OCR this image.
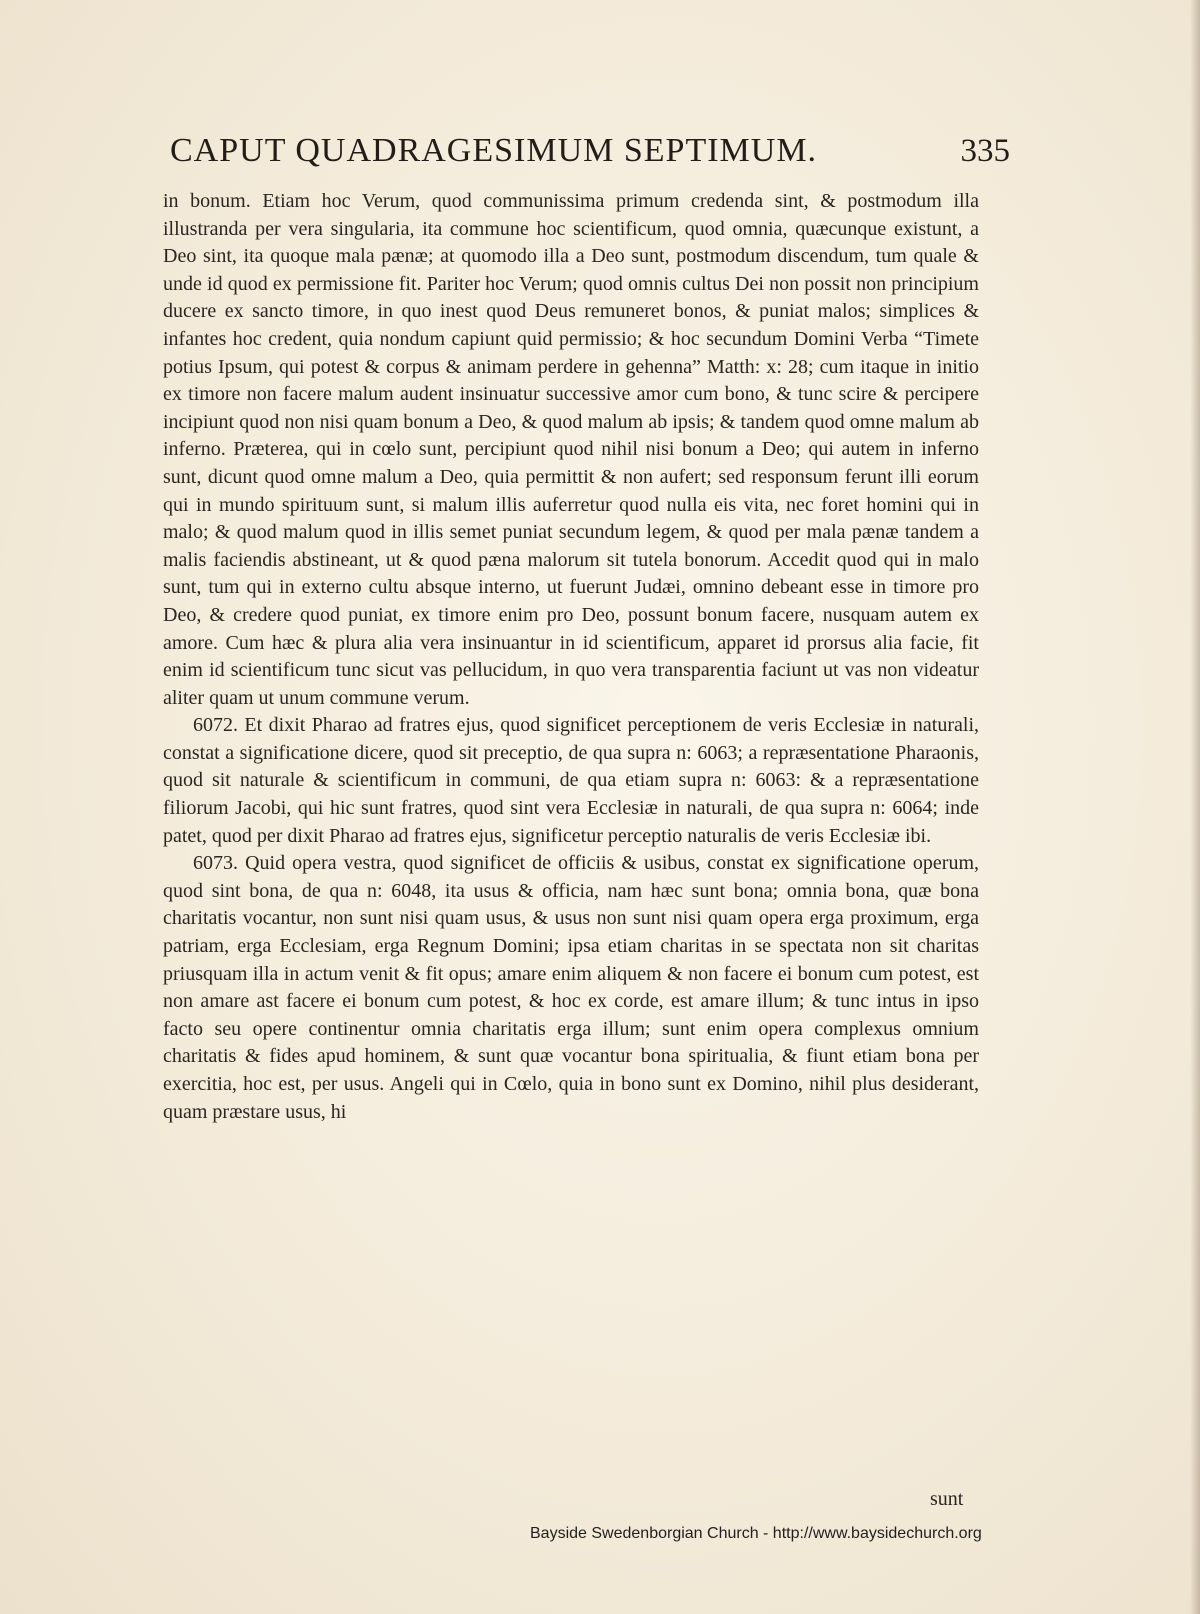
CAPUT QUADRAGESIMUM SEPTIMUM.	335

in bonum. Etiam hoc Verum, quod communissima primum credenda sint, & postmodum illa illustranda per vera singularia, ita commune hoc scientificum, quod omnia, quæcunque existunt, a Deo sint, ita quoque mala pænæ; at quomodo illa a Deo sunt, postmodum discendum, tum quale & unde id quod ex permissione fit. Pariter hoc Verum; quod omnis cultus Dei non possit non principium ducere ex sancto timore, in quo inest quod Deus remuneret bonos, & puniat malos; simplices & infantes hoc credent, quia nondum capiunt quid permissio; & hoc secundum Domini Verba “Timete potius Ipsum, qui potest & corpus & animam perdere in gehenna” Matth: x: 28; cum itaque in initio ex timore non facere malum audent insinuatur successive amor cum bono, & tunc scire & percipere incipiunt quod non nisi quam bonum a Deo, & quod malum ab ipsis; & tandem quod omne malum ab inferno. Præterea, qui in cœlo sunt, percipiunt quod nihil nisi bonum a Deo; qui autem in inferno sunt, dicunt quod omne malum a Deo, quia permittit & non aufert; sed responsum ferunt illi eorum qui in mundo spirituum sunt, si malum illis auferretur quod nulla eis vita, nec foret homini qui in malo; & quod malum quod in illis semet puniat secundum legem, & quod per mala pænæ tandem a malis faciendis abstineant, ut & quod pæna malorum sit tutela bonorum. Accedit quod qui in malo sunt, tum qui in externo cultu absque interno, ut fuerunt Judæi, omnino debeant esse in timore pro Deo, & credere quod puniat, ex timore enim pro Deo, possunt bonum facere, nusquam autem ex amore. Cum hæc & plura alia vera insinuantur in id scientificum, apparet id prorsus alia facie, fit enim id scientificum tunc sicut vas pellucidum, in quo vera transparentia faciunt ut vas non videatur aliter quam ut unum commune verum.

6072. Et dixit Pharao ad fratres ejus, quod significet perceptionem de veris Ecclesiæ in naturali, constat a significatione dicere, quod sit preceptio, de qua supra n: 6063; a repræsentatione Pharaonis, quod sit naturale & scientificum in communi, de qua etiam supra n: 6063: & a repræsentatione filiorum Jacobi, qui hic sunt fratres, quod sint vera Ecclesiæ in naturali, de qua supra n: 6064; inde patet, quod per dixit Pharao ad fratres ejus, significetur perceptio naturalis de veris Ecclesiæ ibi.

6073. Quid opera vestra, quod significet de officiis & usibus, constat ex significatione operum, quod sint bona, de qua n: 6048, ita usus & officia, nam hæc sunt bona; omnia bona, quæ bona charitatis vocantur, non sunt nisi quam usus, & usus non sunt nisi quam opera erga proximum, erga patriam, erga Ecclesiam, erga Regnum Domini; ipsa etiam charitas in se spectata non sit charitas priusquam illa in actum venit & fit opus; amare enim aliquem & non facere ei bonum cum potest, est non amare ast facere ei bonum cum potest, & hoc ex corde, est amare illum; & tunc intus in ipso facto seu opere continentur omnia charitatis erga illum; sunt enim opera complexus omnium charitatis & fides apud hominem, & sunt quæ vocantur bona spiritualia, & fiunt etiam bona per exercitia, hoc est, per usus. Angeli qui in Cœlo, quia in bono sunt ex Domino, nihil plus desiderant, quam præstare usus, hi

sunt
Bayside Swedenborgian Church - http://www.baysidechurch.org
